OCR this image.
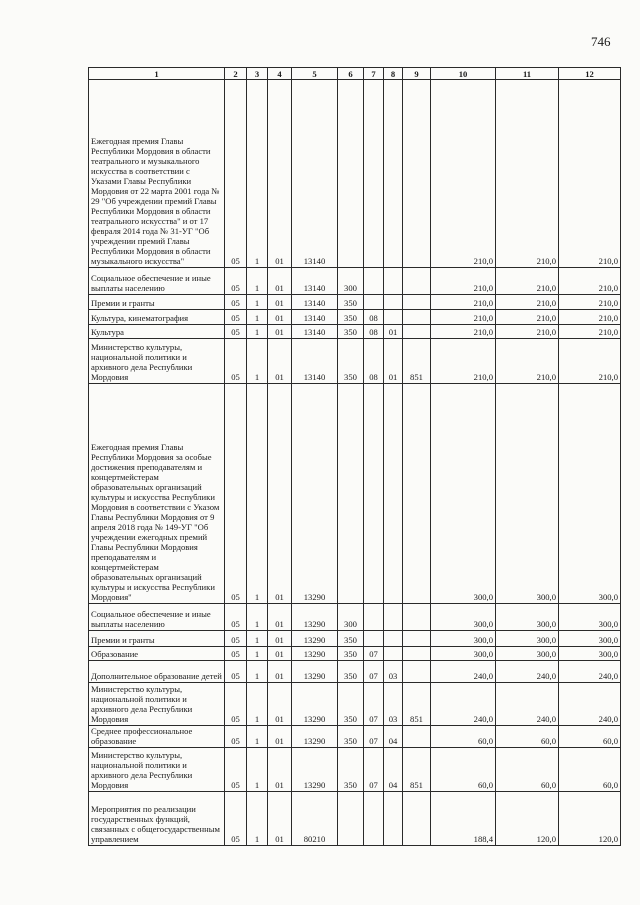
746
1	2	3	4	5	6	7	8	9	10	11	12
Ежегодная премия Главы Республики Мордовия в области театрального и музыкального искусства в соответствии с Указами Главы Республики Мордовия от 22 марта 2001 года № 29 "Об учреждении премий Главы Республики Мордовия в области театрального искусства" и от 17 февраля 2014 года № 31-УГ "Об учреждении премий Главы Республики Мордовия в области музыкального искусства"	05	1	01	13140					210,0	210,0	210,0
Социальное обеспечение и иные выплаты населению	05	1	01	13140	300				210,0	210,0	210,0
Премии и гранты	05	1	01	13140	350				210,0	210,0	210,0
Культура, кинематография	05	1	01	13140	350	08			210,0	210,0	210,0
Культура	05	1	01	13140	350	08	01		210,0	210,0	210,0
Министерство культуры, национальной политики и архивного дела Республики Мордовия	05	1	01	13140	350	08	01	851	210,0	210,0	210,0
Ежегодная премия Главы Республики Мордовия за особые достижения преподавателям и концертмейстерам образовательных организаций культуры и искусства Республики Мордовия в соответствии с Указом Главы Республики Мордовия от 9 апреля 2018 года № 149-УГ "Об учреждении ежегодных премий Главы Республики Мордовия преподавателям и концертмейстерам образовательных организаций культуры и искусства Республики Мордовия"	05	1	01	13290					300,0	300,0	300,0
Социальное обеспечение и иные выплаты населению	05	1	01	13290	300				300,0	300,0	300,0
Премии и гранты	05	1	01	13290	350				300,0	300,0	300,0
Образование	05	1	01	13290	350	07			300,0	300,0	300,0
Дополнительное образование детей	05	1	01	13290	350	07	03		240,0	240,0	240,0
Министерство культуры, национальной политики и архивного дела Республики Мордовия	05	1	01	13290	350	07	03	851	240,0	240,0	240,0
Среднее профессиональное образование	05	1	01	13290	350	07	04		60,0	60,0	60,0
Министерство культуры, национальной политики и архивного дела Республики Мордовия	05	1	01	13290	350	07	04	851	60,0	60,0	60,0
Мероприятия по реализации государственных функций, связанных с общегосударственным управлением	05	1	01	80210					188,4	120,0	120,0
